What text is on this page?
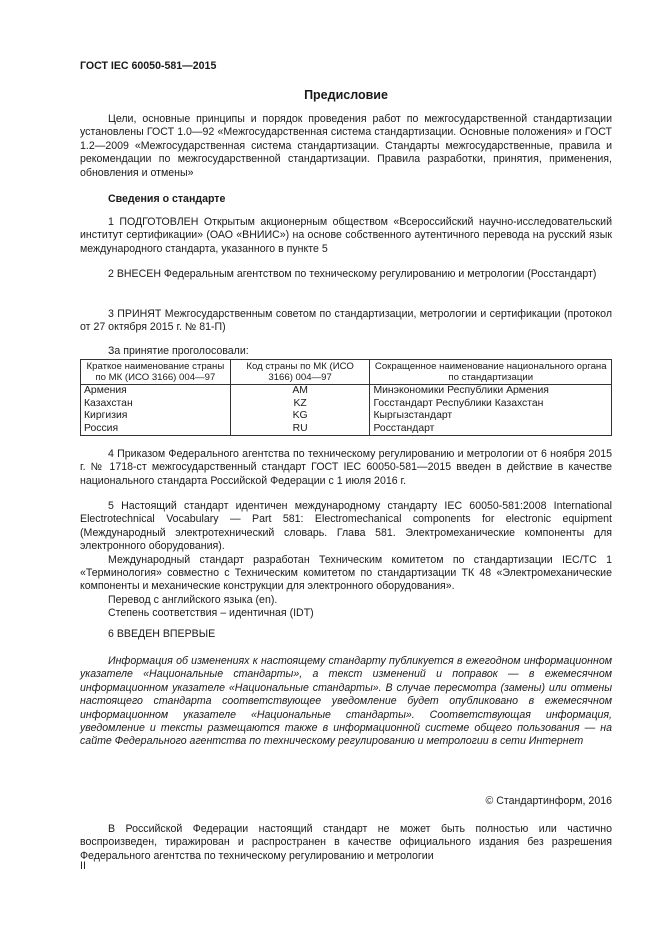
ГОСТ IEC 60050-581—2015
Предисловие

Цели, основные принципы и порядок проведения работ по межгосударственной стандартизации установлены ГОСТ 1.0—92 «Межгосударственная система стандартизации. Основные положения» и ГОСТ 1.2—2009 «Межгосударственная система стандартизации. Стандарты межгосударственные, правила и рекомендации по межгосударственной стандартизации. Правила разработки, принятия, применения, обновления и отмены»

Сведения о стандарте

1 ПОДГОТОВЛЕН Открытым акционерным обществом «Всероссийский научно-исследовательский институт сертификации» (ОАО «ВНИИС») на основе собственного аутентичного перевода на русский язык международного стандарта, указанного в пункте 5

2 ВНЕСЕН Федеральным агентством по техническому регулированию и метрологии (Росстандарт)

3 ПРИНЯТ Межгосударственным советом по стандартизации, метрологии и сертификации (протокол от 27 октября 2015 г. № 81-П)

За принятие проголосовали:

Краткое наименование страны по МК (ИСО 3166) 004—97	Код страны по МК (ИСО 3166) 004—97	Сокращенное наименование национального органа по стандартизации
Армения	AM	Минэкономики Республики Армения
Казахстан	KZ	Госстандарт Республики Казахстан
Киргизия	KG	Кыргызстандарт
Россия	RU	Росстандарт

4 Приказом Федерального агентства по техническому регулированию и метрологии от 6 ноября 2015 г. № 1718-ст межгосударственный стандарт ГОСТ IEC 60050-581—2015 введен в действие в качестве национального стандарта Российской Федерации с 1 июля 2016 г.

5 Настоящий стандарт идентичен международному стандарту IEC 60050-581:2008 International Electrotechnical Vocabulary — Part 581: Electromechanical components for electronic equipment (Международный электротехнический словарь. Глава 581. Электромеханические компоненты для электронного оборудования).

Международный стандарт разработан Техническим комитетом по стандартизации IEC/TC 1 «Терминология» совместно с Техническим комитетом по стандартизации ТК 48 «Электромеханические компоненты и механические конструкции для электронного оборудования».

Перевод с английского языка (en).

Степень соответствия – идентичная (IDT)

6 ВВЕДЕН ВПЕРВЫЕ

Информация об изменениях к настоящему стандарту публикуется в ежегодном информационном указателе «Национальные стандарты», а текст изменений и поправок — в ежемесячном информационном указателе «Национальные стандарты». В случае пересмотра (замены) или отмены настоящего стандарта соответствующее уведомление будет опубликовано в ежемесячном информационном указателе «Национальные стандарты». Соответствующая информация, уведомление и тексты размещаются также в информационной системе общего пользования — на сайте Федерального агентства по техническому регулированию и метрологии в сети Интернет

© Стандартинформ, 2016

В Российской Федерации настоящий стандарт не может быть полностью или частично воспроизведен, тиражирован и распространен в качестве официального издания без разрешения Федерального агентства по техническому регулированию и метрологии

II
